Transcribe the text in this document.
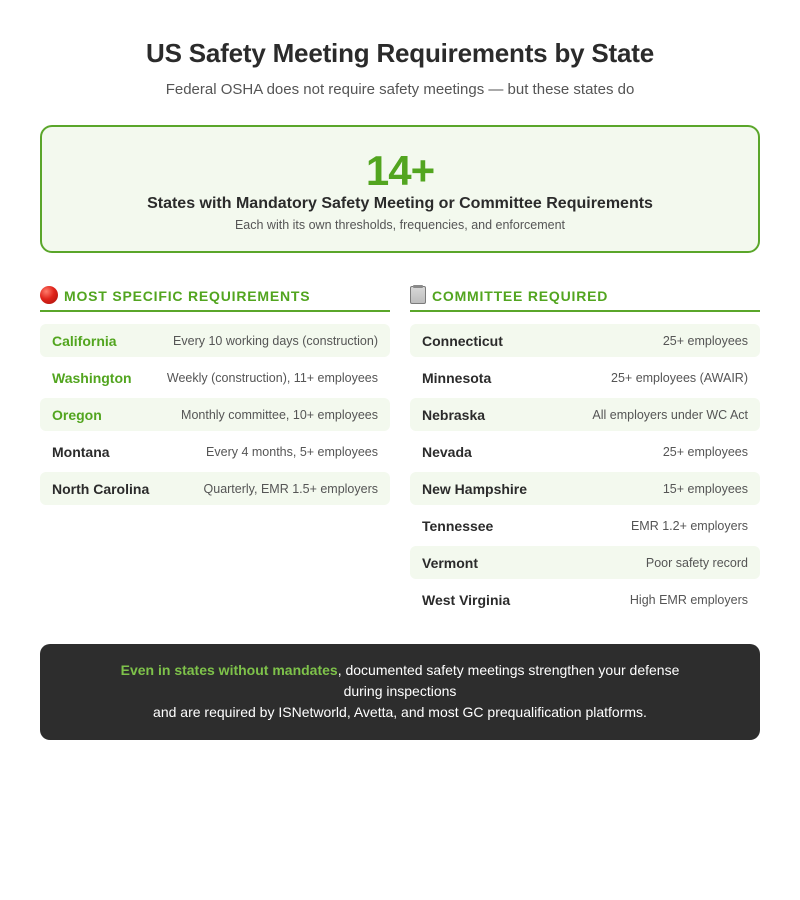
US Safety Meeting Requirements by State

Federal OSHA does not require safety meetings — but these states do

14+
States with Mandatory Safety Meeting or Committee Requirements
Each with its own thresholds, frequencies, and enforcement
MOST SPECIFIC REQUIREMENTS
California	Every 10 working days (construction)
Washington	Weekly (construction), 11+ employees
Oregon	Monthly committee, 10+ employees
Montana	Every 4 months, 5+ employees
North Carolina	Quarterly, EMR 1.5+ employers
COMMITTEE REQUIRED
Connecticut	25+ employees
Minnesota	25+ employees (AWAIR)
Nebraska	All employers under WC Act
Nevada	25+ employees
New Hampshire	15+ employees
Tennessee	EMR 1.2+ employers
Vermont	Poor safety record
West Virginia	High EMR employers
Even in states without mandates, documented safety meetings strengthen your defense during inspections
and are required by ISNetworld, Avetta, and most GC prequalification platforms.
